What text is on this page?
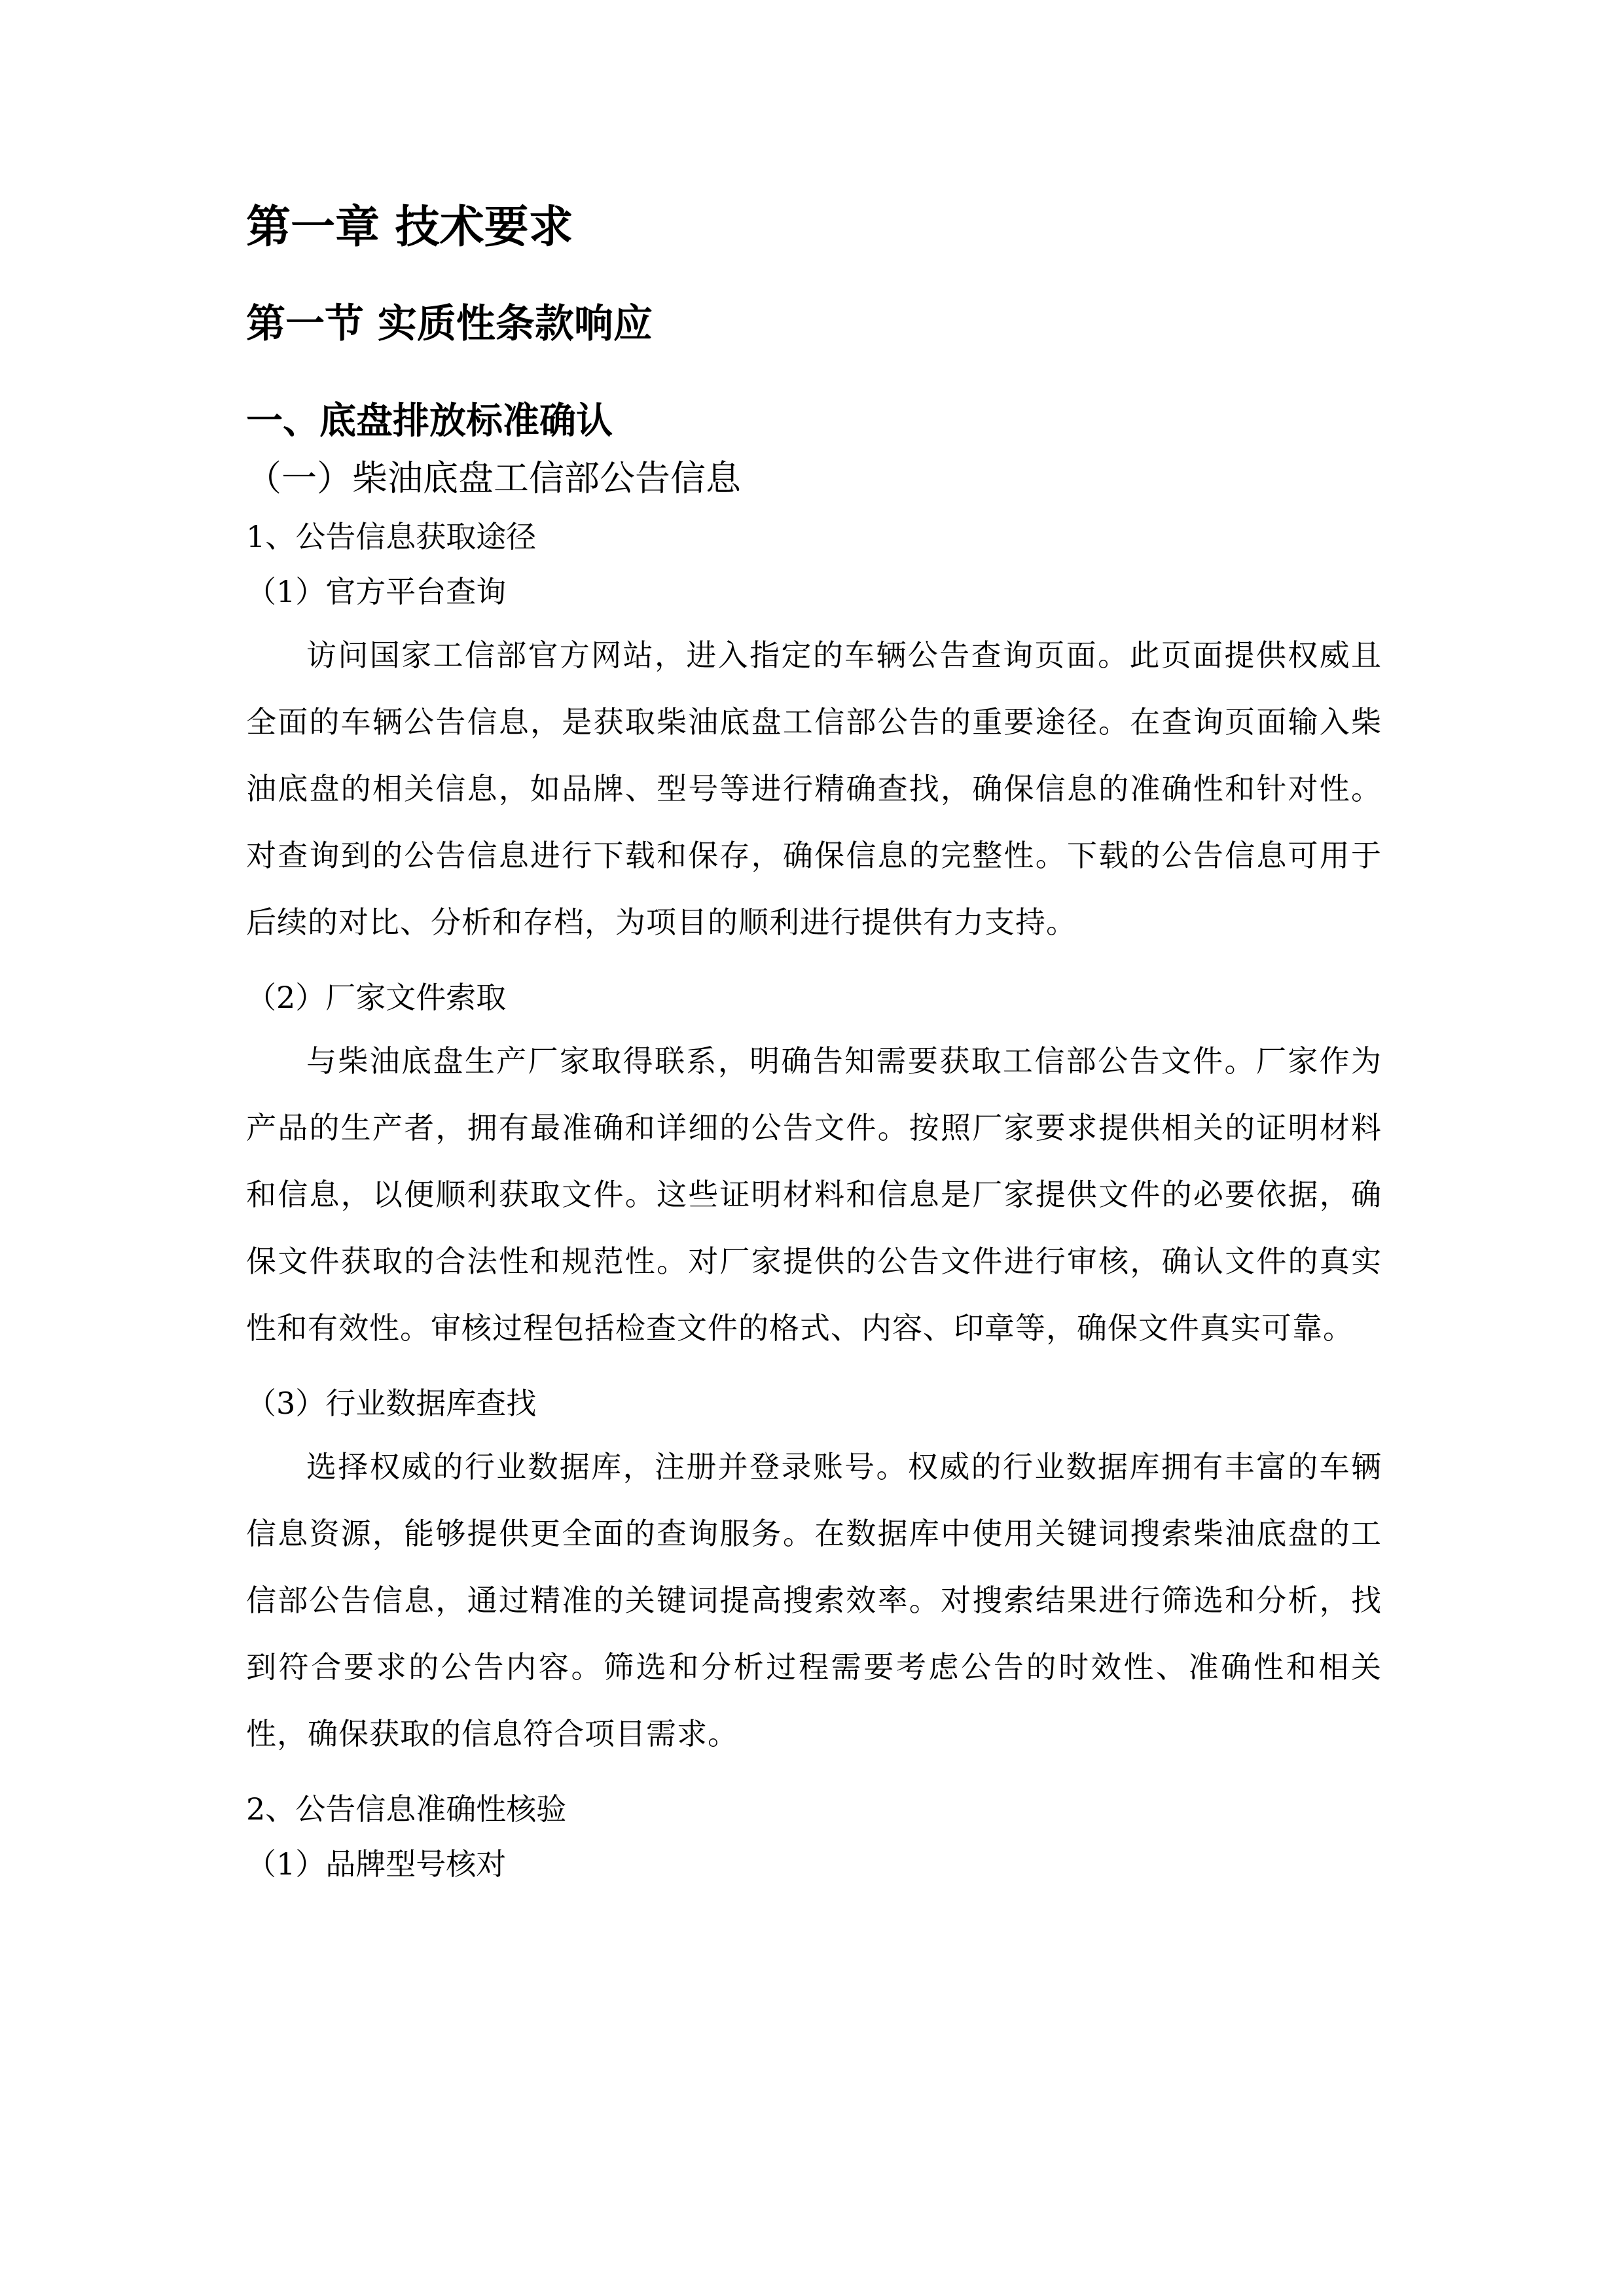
第一章 技术要求
第一节 实质性条款响应
一、底盘排放标准确认
（一）柴油底盘工信部公告信息
1、公告信息获取途径
（1）官方平台查询

访问国家工信部官方网站，进入指定的车辆公告查询页面。此页面提供权威且全面的车辆公告信息，是获取柴油底盘工信部公告的重要途径。在查询页面输入柴油底盘的相关信息，如品牌、型号等进行精确查找，确保信息的准确性和针对性。对查询到的公告信息进行下载和保存，确保信息的完整性。下载的公告信息可用于后续的对比、分析和存档，为项目的顺利进行提供有力支持。

（2）厂家文件索取

与柴油底盘生产厂家取得联系，明确告知需要获取工信部公告文件。厂家作为产品的生产者，拥有最准确和详细的公告文件。按照厂家要求提供相关的证明材料和信息，以便顺利获取文件。这些证明材料和信息是厂家提供文件的必要依据，确保文件获取的合法性和规范性。对厂家提供的公告文件进行审核，确认文件的真实性和有效性。审核过程包括检查文件的格式、内容、印章等，确保文件真实可靠。

（3）行业数据库查找

选择权威的行业数据库，注册并登录账号。权威的行业数据库拥有丰富的车辆信息资源，能够提供更全面的查询服务。在数据库中使用关键词搜索柴油底盘的工信部公告信息，通过精准的关键词提高搜索效率。对搜索结果进行筛选和分析，找到符合要求的公告内容。筛选和分析过程需要考虑公告的时效性、准确性和相关性，确保获取的信息符合项目需求。

2、公告信息准确性核验
（1）品牌型号核对
